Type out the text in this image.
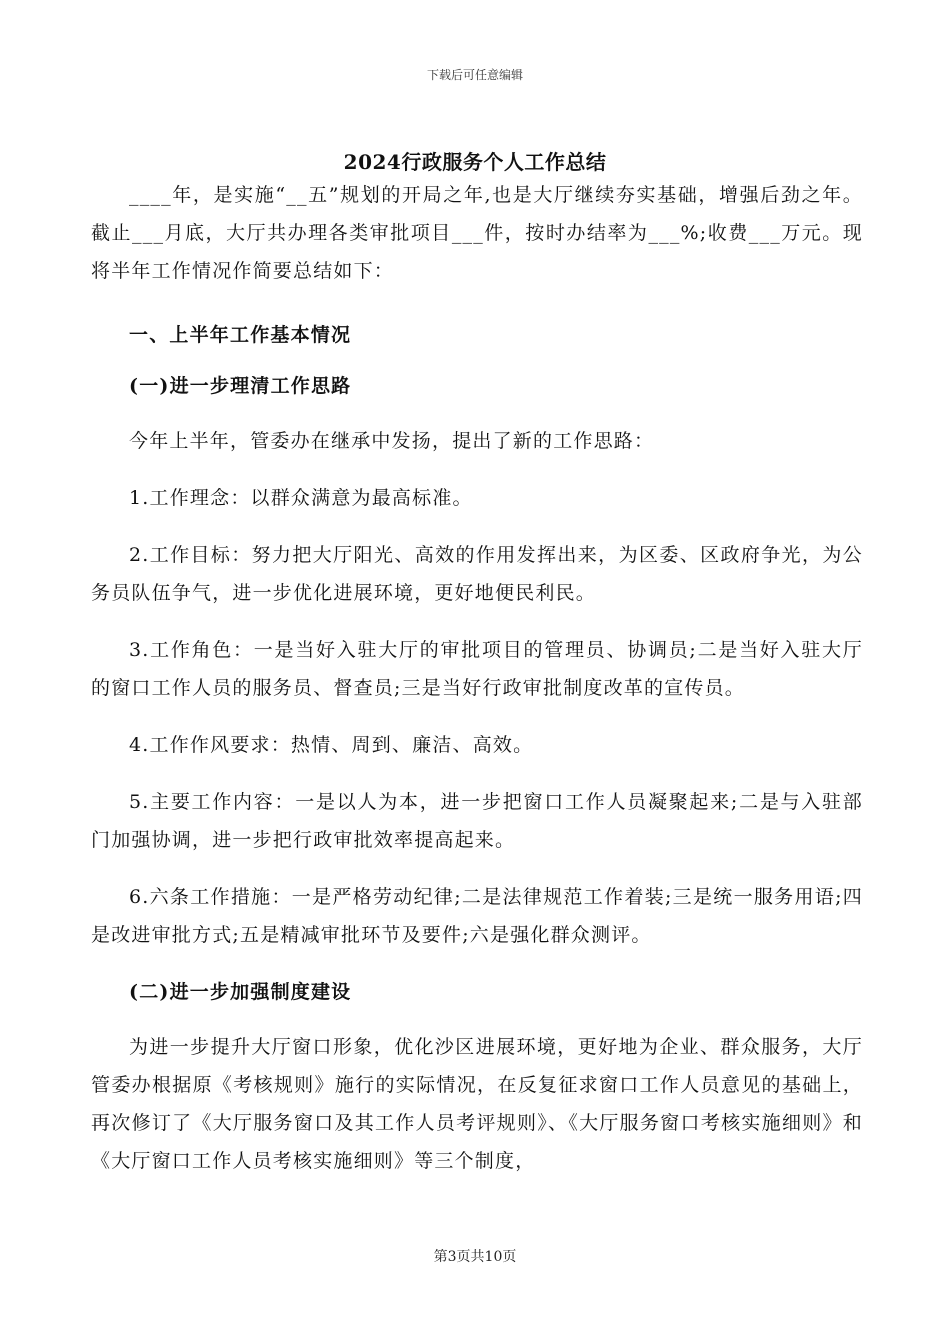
下载后可任意编辑
2024行政服务个人工作总结

____年，是实施“__五”规划的开局之年,也是大厅继续夯实基础，增强后劲之年。截止___月底，大厅共办理各类审批项目___件，按时办结率为___%;收费___万元。现将半年工作情况作简要总结如下：

一、上半年工作基本情况

(一)进一步理清工作思路

今年上半年，管委办在继承中发扬，提出了新的工作思路：

1.工作理念：以群众满意为最高标准。

2.工作目标：努力把大厅阳光、高效的作用发挥出来，为区委、区政府争光，为公务员队伍争气，进一步优化进展环境，更好地便民利民。

3.工作角色：一是当好入驻大厅的审批项目的管理员、协调员;二是当好入驻大厅的窗口工作人员的服务员、督查员;三是当好行政审批制度改革的宣传员。

4.工作作风要求：热情、周到、廉洁、高效。

5.主要工作内容：一是以人为本，进一步把窗口工作人员凝聚起来;二是与入驻部门加强协调，进一步把行政审批效率提高起来。

6.六条工作措施：一是严格劳动纪律;二是法律规范工作着装;三是统一服务用语;四是改进审批方式;五是精减审批环节及要件;六是强化群众测评。

(二)进一步加强制度建设

为进一步提升大厅窗口形象，优化沙区进展环境，更好地为企业、群众服务，大厅管委办根据原《考核规则》施行的实际情况，在反复征求窗口工作人员意见的基础上，再次修订了《大厅服务窗口及其工作人员考评规则》、《大厅服务窗口考核实施细则》和《大厅窗口工作人员考核实施细则》等三个制度，

第3页共10页
